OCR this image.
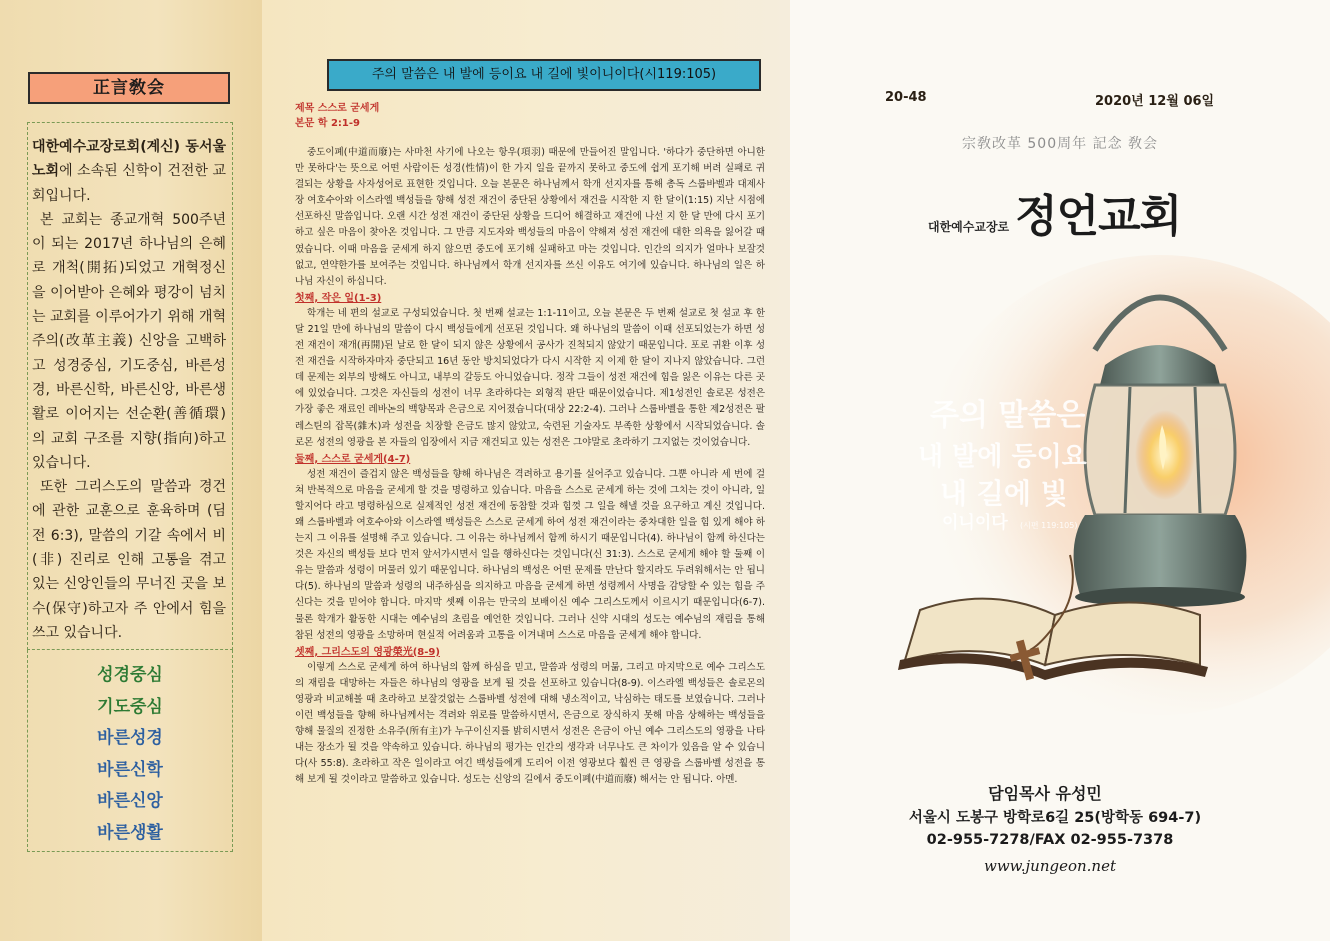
正言敎会

대한예수교장로회(계신) 동서울 노회에 소속된 신학이 건전한 교회입니다.

본 교회는 종교개혁 500주년이 되는 2017년 하나님의 은혜로 개척(開拓)되었고 개혁정신을 이어받아 은혜와 평강이 넘치는 교회를 이루어가기 위해 개혁주의(改革主義) 신앙을 고백하고 성경중심, 기도중심, 바른성경, 바른신학, 바른신앙, 바른생활로 이어지는 선순환(善循環)의 교회 구조를 지향(指向)하고 있습니다.

또한 그리스도의 말씀과 경건에 관한 교훈으로 훈육하며 (딤전 6:3), 말씀의 기갈 속에서 비(非) 진리로 인해 고통을 겪고 있는 신앙인들의 무너진 곳을 보수(保守)하고자 주 안에서 힘을 쓰고 있습니다.

성경중심
기도중심
바른성경
바른신학
바른신앙
바른생활
주의 말씀은 내 발에 등이요 내 길에 빛이니이다(시119:105)
제목 스스로 굳세게
본문 학 2:1-9

중도이폐(中道而廢)는 사마천 사기에 나오는 항우(項羽) 때문에 만들어진 말입니다. '하다가 중단하면 아니한 만 못하다'는 뜻으로 어떤 사람이든 성경(性情)이 한 가지 일을 끝까지 못하고 중도에 쉽게 포기해 버려 실패로 귀결되는 상황을 사자성어로 표현한 것입니다. 오늘 본문은 하나님께서 학개 선지자를 통해 총독 스룹바벨과 대제사장 여호수아와 이스라엘 백성들을 향해 성전 재건이 중단된 상황에서 재건을 시작한 지 한 달이(1:15) 지난 시점에 선포하신 말씀입니다. 오랜 시간 성전 재건이 중단된 상황을 드디어 해결하고 재건에 나선 지 한 달 만에 다시 포기하고 싶은 마음이 찾아온 것입니다. 그 만큼 지도자와 백성들의 마음이 약해져 성전 재건에 대한 의욕을 잃어갈 때였습니다. 이때 마음을 굳세게 하지 않으면 중도에 포기해 실패하고 마는 것입니다. 인간의 의지가 얼마나 보잘것없고, 연약한가를 보여주는 것입니다. 하나님께서 학개 선지자를 쓰신 이유도 여기에 있습니다. 하나님의 일은 하나님 자신이 하십니다.

첫째, 작은 일(1-3)

학개는 네 편의 설교로 구성되었습니다. 첫 번째 설교는 1:1-11이고, 오늘 본문은 두 번째 설교로 첫 설교 후 한 달 21일 만에 하나님의 말씀이 다시 백성들에게 선포된 것입니다. 왜 하나님의 말씀이 이때 선포되었는가 하면 성전 재건이 재개(再開)된 날로 한 달이 되지 않은 상황에서 공사가 진척되지 않았기 때문입니다. 포로 귀환 이후 성전 재건을 시작하자마자 중단되고 16년 동안 방치되었다가 다시 시작한 지 이제 한 달이 지나지 않았습니다. 그런데 문제는 외부의 방해도 아니고, 내부의 갈등도 아니었습니다. 정작 그들이 성전 재건에 힘을 잃은 이유는 다른 곳에 있었습니다. 그것은 자신들의 성전이 너무 초라하다는 외형적 판단 때문이었습니다. 제1성전인 솔로몬 성전은 가장 좋은 재료인 레바논의 백향목과 은금으로 지어졌습니다(대상 22:2-4). 그러나 스룹바벨을 통한 제2성전은 팔레스틴의 잡목(雜木)과 성전을 치장할 은금도 많지 않았고, 숙련된 기술자도 부족한 상황에서 시작되었습니다. 솔로몬 성전의 영광을 본 자들의 입장에서 지금 재건되고 있는 성전은 그야말로 초라하기 그지없는 것이었습니다.

둘째, 스스로 굳세게(4-7)

성전 재건이 즐겁지 않은 백성들을 향해 하나님은 격려하고 용기를 실어주고 있습니다. 그뿐 아니라 세 번에 걸쳐 반복적으로 마음을 굳세게 할 것을 명령하고 있습니다. 마음을 스스로 굳세게 하는 것에 그치는 것이 아니라, 일할지어다 라고 명령하심으로 실제적인 성전 재건에 동참할 것과 힘껏 그 일을 해낼 것을 요구하고 계신 것입니다. 왜 스룹바벨과 여호수아와 이스라엘 백성들은 스스로 굳세게 하여 성전 재건이라는 중차대한 일을 힘 있게 해야 하는지 그 이유를 설명해 주고 있습니다. 그 이유는 하나님께서 함께 하시기 때문입니다(4). 하나님이 함께 하신다는 것은 자신의 백성들 보다 먼저 앞서가시면서 일을 행하신다는 것입니다(신 31:3). 스스로 굳세게 해야 할 둘째 이유는 말씀과 성령이 머물러 있기 때문입니다. 하나님의 백성은 어떤 문제를 만난다 할지라도 두려워해서는 안 됩니다(5). 하나님의 말씀과 성령의 내주하심을 의지하고 마음을 굳세게 하면 성령께서 사명을 감당할 수 있는 힘을 주신다는 것을 믿어야 합니다. 마지막 셋째 이유는 만국의 보배이신 예수 그리스도께서 이르시기 때문입니다(6-7). 물론 학개가 활동한 시대는 예수님의 초림을 예언한 것입니다. 그러나 신약 시대의 성도는 예수님의 재림을 통해 참된 성전의 영광을 소망하며 현실적 어려움과 고통을 이겨내며 스스로 마음을 굳세게 해야 합니다.

셋째, 그리스도의 영광榮光(8-9)

이렇게 스스로 굳세게 하여 하나님의 함께 하심을 믿고, 말씀과 성령의 머묾, 그리고 마지막으로 예수 그리스도의 재림을 대망하는 자들은 하나님의 영광을 보게 될 것을 선포하고 있습니다(8-9). 이스라엘 백성들은 솔로몬의 영광과 비교해볼 때 초라하고 보잘것없는 스룹바벨 성전에 대해 냉소적이고, 낙심하는 태도를 보였습니다. 그러나 이런 백성들을 향해 하나님께서는 격려와 위로를 말씀하시면서, 은금으로 장식하지 못해 마음 상해하는 백성들을 향해 물질의 진정한 소유주(所有主)가 누구이신지를 밝히시면서 성전은 은금이 아닌 예수 그리스도의 영광을 나타내는 장소가 될 것을 약속하고 있습니다. 하나님의 평가는 인간의 생각과 너무나도 큰 차이가 있음을 알 수 있습니다(사 55:8). 초라하고 작은 일이라고 여긴 백성들에게 도리어 이전 영광보다 훨씬 큰 영광을 스룹바벨 성전을 통해 보게 될 것이라고 말씀하고 있습니다. 성도는 신앙의 길에서 중도이폐(中道而廢) 해서는 안 됩니다. 아멘.

20-48	2020년 12월 06일
宗敎改革 500周年 記念 敎会
대한예수교장로 정언교회
주의 말씀은
내 발에 등이요
내 길에 빛
이니이다 (시편 119:105)
담임목사 유성민
서울시 도봉구 방학로6길 25(방학동 694-7)
02-955-7278/FAX 02-955-7378
www.jungeon.net
